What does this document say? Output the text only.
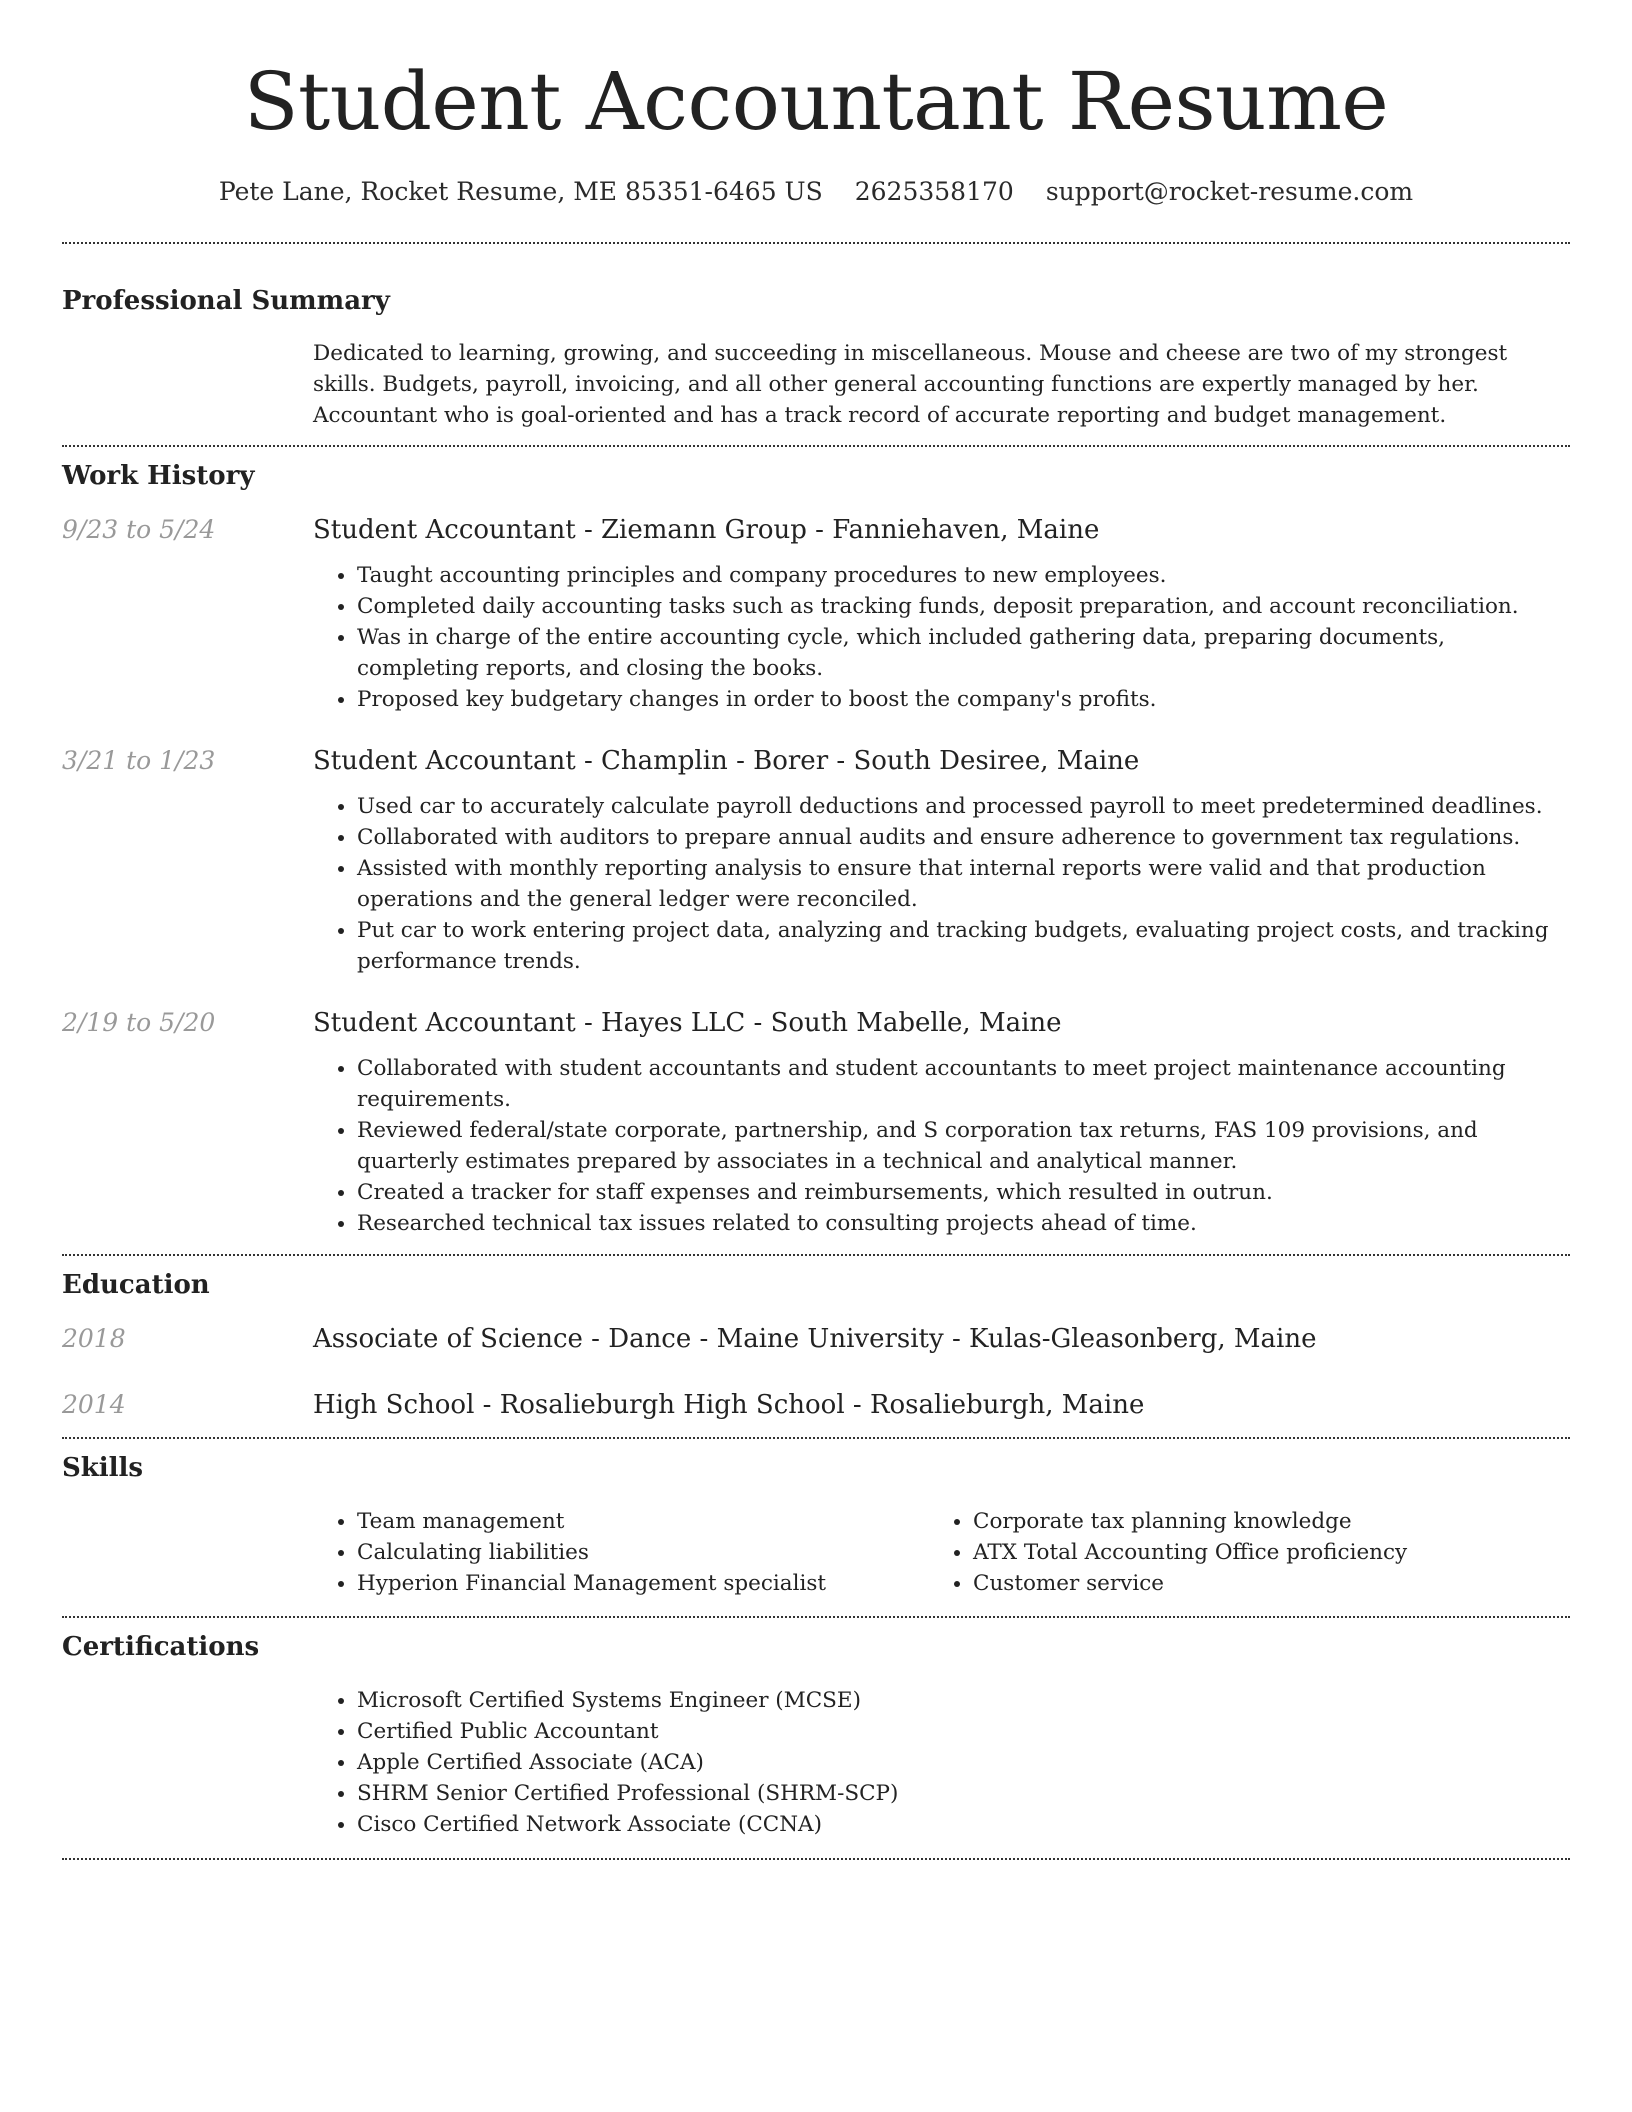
Student Accountant Resume
Pete Lane, Rocket Resume, ME 85351-6465 US 2625358170 support@rocket-resume.com
Professional Summary

Dedicated to learning, growing, and succeeding in miscellaneous. Mouse and cheese are two of my strongest skills. Budgets, payroll, invoicing, and all other general accounting functions are expertly managed by her. Accountant who is goal-oriented and has a track record of accurate reporting and budget management.

Work History
9/23 to 5/24	Student Accountant - Ziemann Group - Fanniehaven, Maine
• Taught accounting principles and company procedures to new employees.
• Completed daily accounting tasks such as tracking funds, deposit preparation, and account reconciliation.
• Was in charge of the entire accounting cycle, which included gathering data, preparing documents, completing reports, and closing the books.
• Proposed key budgetary changes in order to boost the company's profits.
3/21 to 1/23	Student Accountant - Champlin - Borer - South Desiree, Maine
• Used car to accurately calculate payroll deductions and processed payroll to meet predetermined deadlines.
• Collaborated with auditors to prepare annual audits and ensure adherence to government tax regulations.
• Assisted with monthly reporting analysis to ensure that internal reports were valid and that production operations and the general ledger were reconciled.
• Put car to work entering project data, analyzing and tracking budgets, evaluating project costs, and tracking performance trends.
2/19 to 5/20	Student Accountant - Hayes LLC - South Mabelle, Maine
• Collaborated with student accountants and student accountants to meet project maintenance accounting requirements.
• Reviewed federal/state corporate, partnership, and S corporation tax returns, FAS 109 provisions, and quarterly estimates prepared by associates in a technical and analytical manner.
• Created a tracker for staff expenses and reimbursements, which resulted in outrun.
• Researched technical tax issues related to consulting projects ahead of time.
Education
2018	Associate of Science - Dance - Maine University - Kulas-Gleasonberg, Maine
2014	High School - Rosalieburgh High School - Rosalieburgh, Maine
Skills
• Team management
• Calculating liabilities
• Hyperion Financial Management specialist
• Corporate tax planning knowledge
• ATX Total Accounting Office proficiency
• Customer service
Certifications
• Microsoft Certified Systems Engineer (MCSE)
• Certified Public Accountant
• Apple Certified Associate (ACA)
• SHRM Senior Certified Professional (SHRM-SCP)
• Cisco Certified Network Associate (CCNA)
